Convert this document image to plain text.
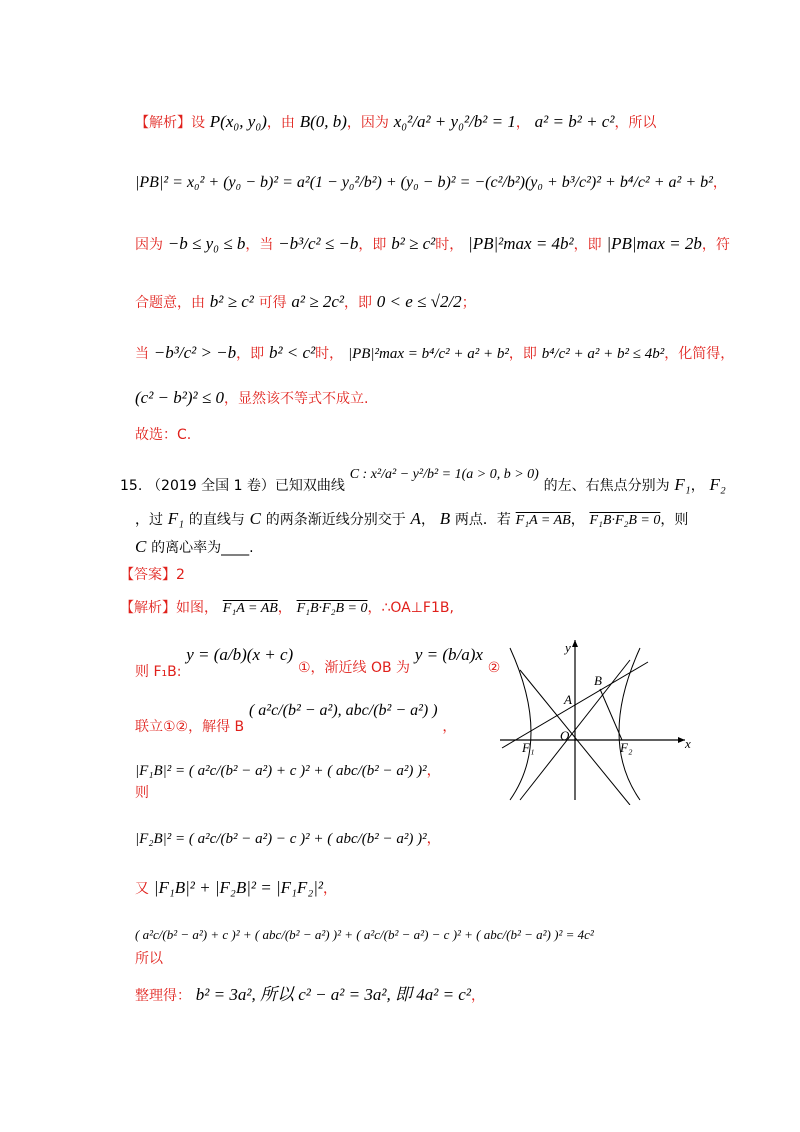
【解析】设 P(x₀, y₀)，由 B(0, b)，因为 x₀²/a² + y₀²/b² = 1， a² = b² + c²，所以
|PB|² = x₀² + (y₀ − b)² = a²(1 − y₀²/b²) + (y₀ − b)² = −(c²/b²)(y₀ + b³/c²)² + b⁴/c² + a² + b²，
因为 −b ≤ y₀ ≤ b，当 −b³/c² ≤ −b，即 b² ≥ c²时， |PB|²max = 4b²，即 |PB|max = 2b，符
合题意，由 b² ≥ c² 可得 a² ≥ 2c²，即 0 < e ≤ √2/2；
当 −b³/c² > −b，即 b² < c²时， |PB|²max = b⁴/c² + a² + b²，即 b⁴/c² + a² + b² ≤ 4b²，化简得，
(c² − b²)² ≤ 0，显然该不等式不成立.
故选：C.
15. （2019 全国 1 卷）已知双曲线 C : x²/a² − y²/b² = 1(a > 0, b > 0) 的左、右焦点分别为 F₁， F₂
，过 F₁ 的直线与 C 的两条渐近线分别交于 A， B 两点．若 F₁A = AB， F₁B·F₂B = 0，则
C 的离心率为____.
【答案】2
【解析】如图， F₁A = AB， F₁B·F₂B = 0，∴OA⊥F1B,
则 F₁B: y = (a/b)(x + c) ①，渐近线 OB 为 y = (b/a)x ②
联立①②，解得 B ( a²c/(b² − a²), abc/(b² − a²) ) ，
|F₁B|² = ( a²c/(b² − a²) + c )² + ( abc/(b² − a²) )²，
则
|F₂B|² = ( a²c/(b² − a²) − c )² + ( abc/(b² − a²) )²，
又 |F₁B|² + |F₂B|² = |F₁F₂|²，
( a²c/(b² − a²) + c )² + ( abc/(b² − a²) )² + ( a²c/(b² − a²) − c )² + ( abc/(b² − a²) )² = 4c²
所以
整理得： b² = 3a², 所以 c² − a² = 3a², 即 4a² = c²，
y
x
B
A
O
F₁	F₂
